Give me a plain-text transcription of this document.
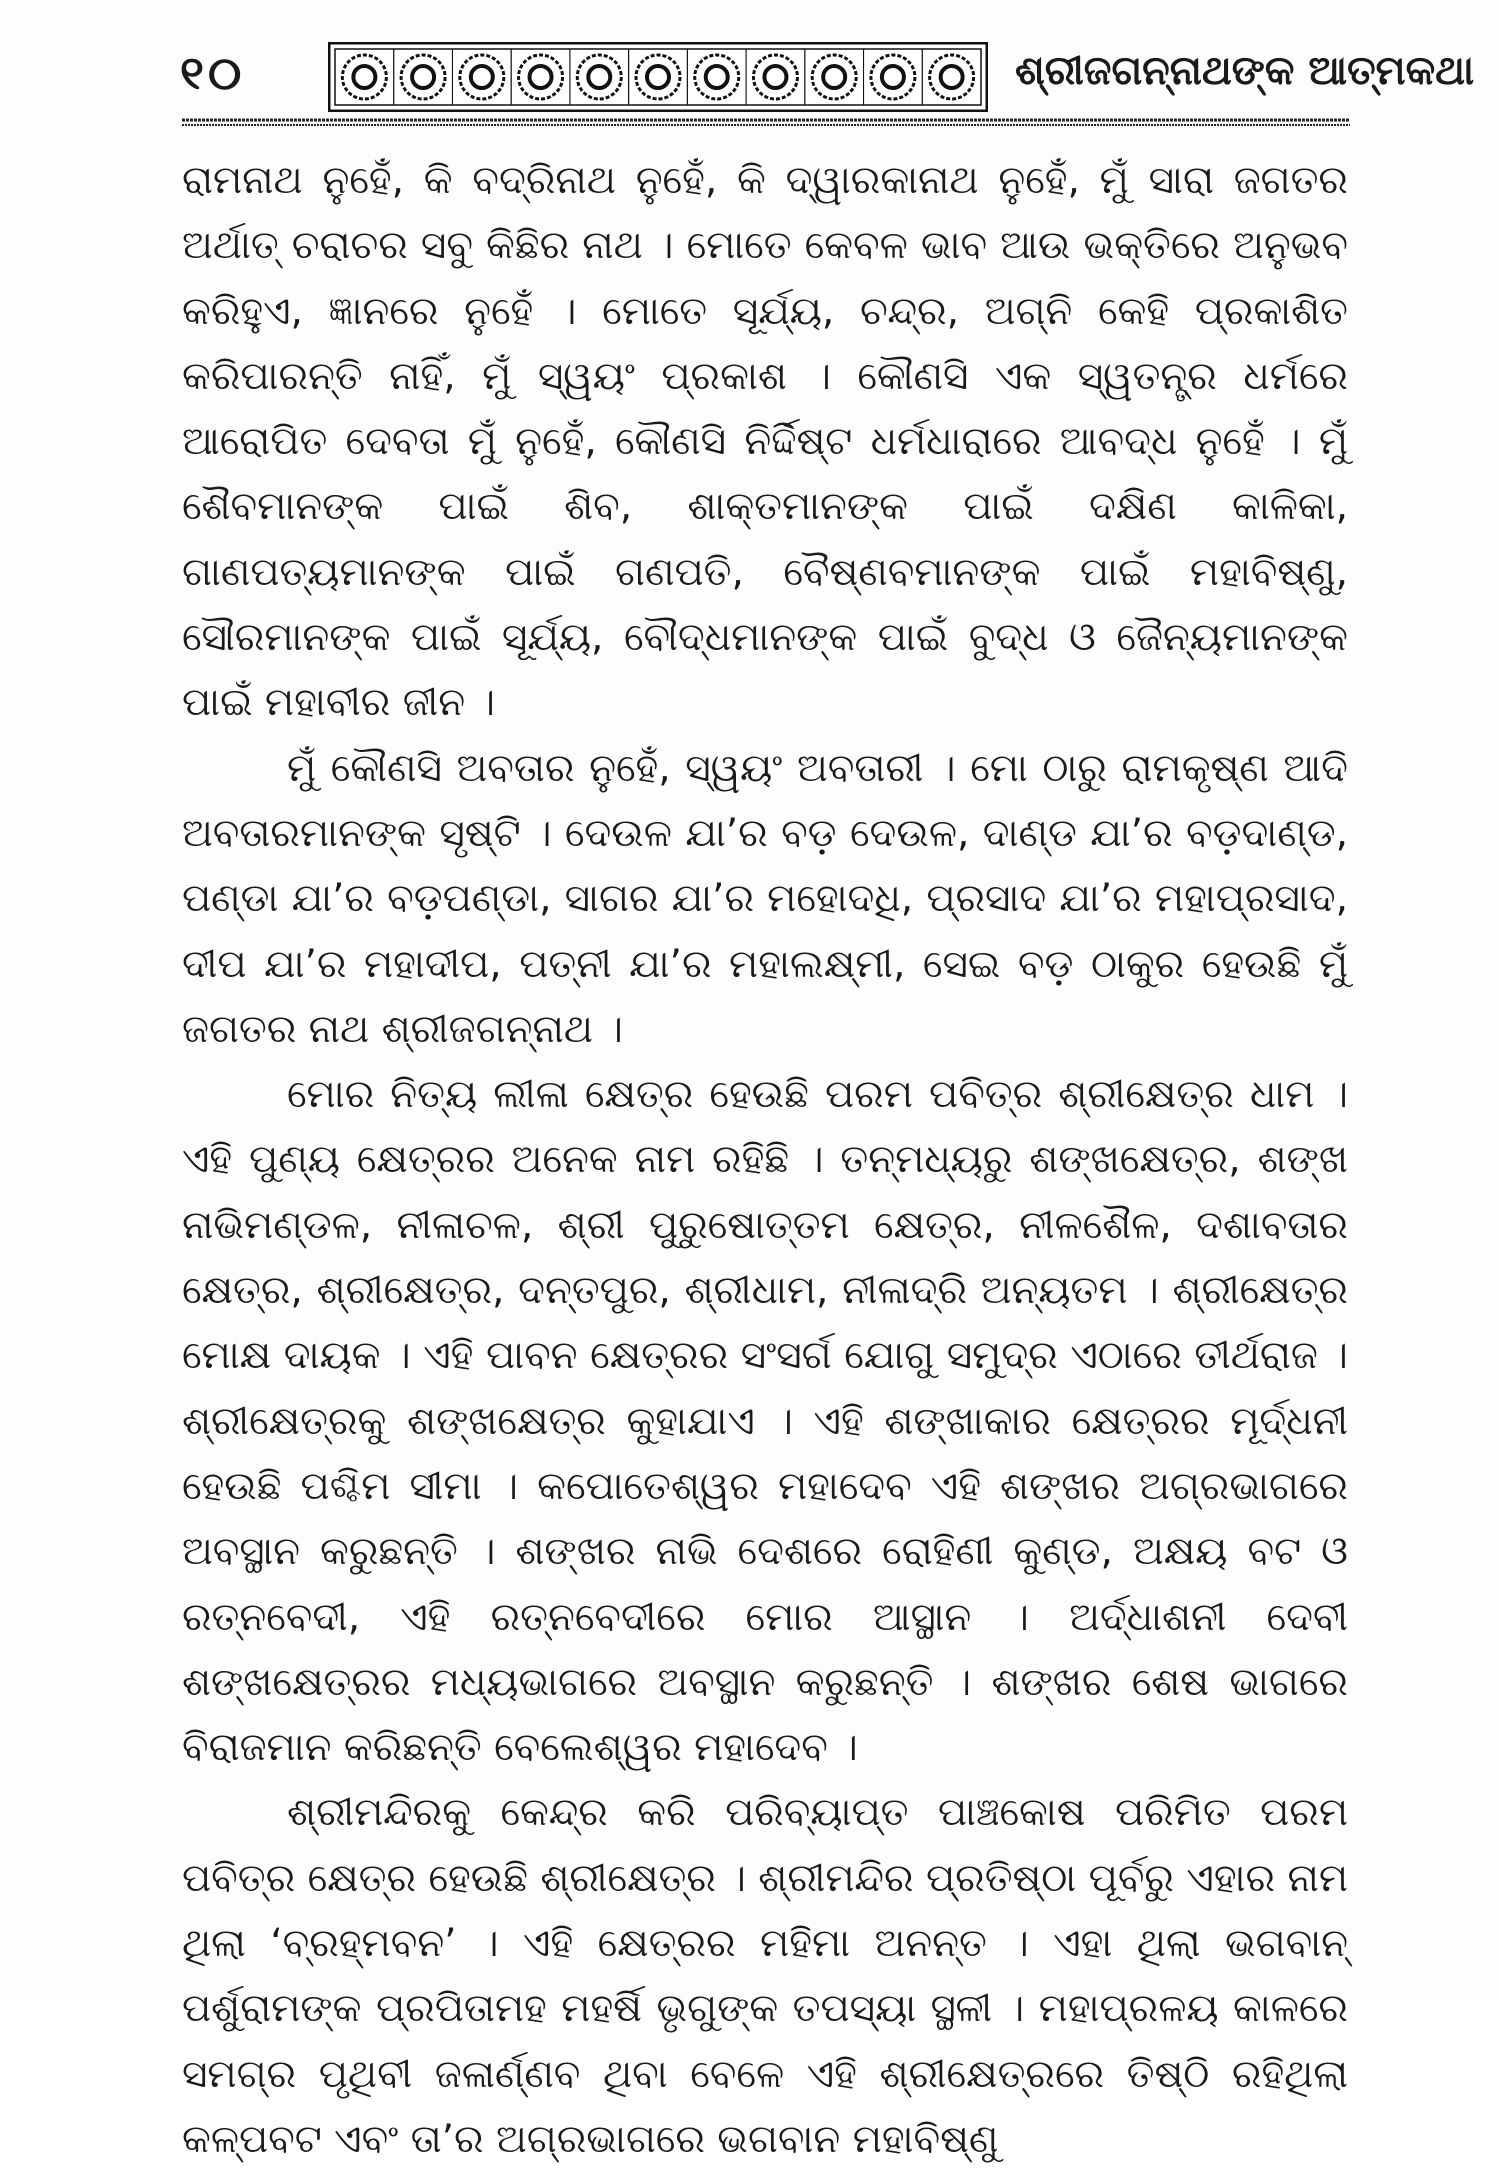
୧୦	ଶ୍ରୀଜଗନ୍ନାଥଙ୍କ ଆତ୍ମକଥା

ରାମନାଥ ନୁହେଁ, କି ବଦ୍ରିନାଥ ନୁହେଁ, କି ଦ୍ୱାରକାନାଥ ନୁହେଁ, ମୁଁ ସାରା ଜଗତର ଅର୍ଥାତ୍ ଚରାଚର ସବୁ କିଛିର ନାଥ । ମୋତେ କେବଳ ଭାବ ଆଉ ଭକ୍ତିରେ ଅନୁଭବ କରିହୁଏ, ଜ୍ଞାନରେ ନୁହେଁ । ମୋତେ ସୂର୍ଯ୍ୟ, ଚନ୍ଦ୍ର, ଅଗ୍ନି କେହି ପ୍ରକାଶିତ କରିପାରନ୍ତି ନାହିଁ, ମୁଁ ସ୍ୱୟଂ ପ୍ରକାଶ । କୌଣସି ଏକ ସ୍ୱତନ୍ତ୍ର ଧର୍ମରେ ଆରୋପିତ ଦେବତା ମୁଁ ନୁହେଁ, କୌଣସି ନିର୍ଦ୍ଦିଷ୍ଟ ଧର୍ମଧାରାରେ ଆବଦ୍ଧ ନୁହେଁ । ମୁଁ ଶୈବମାନଙ୍କ ପାଇଁ ଶିବ, ଶାକ୍ତମାନଙ୍କ ପାଇଁ ଦକ୍ଷିଣ କାଳିକା, ଗାଣପତ୍ୟମାନଙ୍କ ପାଇଁ ଗଣପତି, ବୈଷ୍ଣବମାନଙ୍କ ପାଇଁ ମହାବିଷ୍ଣୁ, ସୌରମାନଙ୍କ ପାଇଁ ସୂର୍ଯ୍ୟ, ବୌଦ୍ଧମାନଙ୍କ ପାଇଁ ବୁଦ୍ଧ ଓ ଜୈନ୍ୟମାନଙ୍କ ପାଇଁ ମହାବୀର ଜୀନ ।

ମୁଁ କୌଣସି ଅବତାର ନୁହେଁ, ସ୍ୱୟଂ ଅବତାରୀ । ମୋ ଠାରୁ ରାମକୃଷ୍ଣ ଆଦି ଅବତାରମାନଙ୍କ ସୃଷ୍ଟି । ଦେଉଳ ଯା’ର ବଡ଼ ଦେଉଳ, ଦାଣ୍ଡ ଯା’ର ବଡ଼ଦାଣ୍ଡ, ପଣ୍ଡା ଯା’ର ବଡ଼ପଣ୍ଡା, ସାଗର ଯା’ର ମହୋଦଧି, ପ୍ରସାଦ ଯା’ର ମହାପ୍ରସାଦ, ଦୀପ ଯା’ର ମହାଦୀପ, ପତ୍ନୀ ଯା’ର ମହାଲକ୍ଷ୍ମୀ, ସେଇ ବଡ଼ ଠାକୁର ହେଉଛି ମୁଁ ଜଗତର ନାଥ ଶ୍ରୀଜଗନ୍ନାଥ ।

ମୋର ନିତ୍ୟ ଲୀଳା କ୍ଷେତ୍ର ହେଉଛି ପରମ ପବିତ୍ର ଶ୍ରୀକ୍ଷେତ୍ର ଧାମ । ଏହି ପୁଣ୍ୟ କ୍ଷେତ୍ରର ଅନେକ ନାମ ରହିଛି । ତନ୍ମଧ୍ୟରୁ ଶଙ୍ଖକ୍ଷେତ୍ର, ଶଙ୍ଖ ନାଭିମଣ୍ଡଳ, ନୀଳାଚଳ, ଶ୍ରୀ ପୁରୁଷୋତ୍ତମ କ୍ଷେତ୍ର, ନୀଳଶୈଳ, ଦଶାବତାର କ୍ଷେତ୍ର, ଶ୍ରୀକ୍ଷେତ୍ର, ଦନ୍ତପୁର, ଶ୍ରୀଧାମ, ନୀଳାଦ୍ରି ଅନ୍ୟତମ । ଶ୍ରୀକ୍ଷେତ୍ର ମୋକ୍ଷ ଦାୟକ । ଏହି ପାବନ କ୍ଷେତ୍ରର ସଂସର୍ଗ ଯୋଗୁ ସମୁଦ୍ର ଏଠାରେ ତୀର୍ଥରାଜ । ଶ୍ରୀକ୍ଷେତ୍ରକୁ ଶଙ୍ଖକ୍ଷେତ୍ର କୁହାଯାଏ । ଏହି ଶଙ୍ଖାକାର କ୍ଷେତ୍ରର ମୂର୍ଦ୍ଧନୀ ହେଉଛି ପଶ୍ଚିମ ସୀମା । କପୋତେଶ୍ୱର ମହାଦେବ ଏହି ଶଙ୍ଖର ଅଗ୍ରଭାଗରେ ଅବସ୍ଥାନ କରୁଛନ୍ତି । ଶଙ୍ଖର ନାଭି ଦେଶରେ ରୋହିଣୀ କୁଣ୍ଡ, ଅକ୍ଷୟ ବଟ ଓ ରତ୍ନବେଦୀ, ଏହି ରତ୍ନବେଦୀରେ ମୋର ଆସ୍ଥାନ । ଅର୍ଦ୍ଧାଶନୀ ଦେବୀ ଶଙ୍ଖକ୍ଷେତ୍ରର ମଧ୍ୟଭାଗରେ ଅବସ୍ଥାନ କରୁଛନ୍ତି । ଶଙ୍ଖର ଶେଷ ଭାଗରେ ବିରାଜମାନ କରିଛନ୍ତି ବେଲେଶ୍ୱର ମହାଦେବ ।

ଶ୍ରୀମନ୍ଦିରକୁ କେନ୍ଦ୍ର କରି ପରିବ୍ୟାପ୍ତ ପାଞ୍ଚକୋଷ ପରିମିତ ପରମ ପବିତ୍ର କ୍ଷେତ୍ର ହେଉଛି ଶ୍ରୀକ୍ଷେତ୍ର । ଶ୍ରୀମନ୍ଦିର ପ୍ରତିଷ୍ଠା ପୂର୍ବରୁ ଏହାର ନାମ ଥିଲା ‘ବ୍ରହ୍ମବନ’ । ଏହି କ୍ଷେତ୍ରର ମହିମା ଅନନ୍ତ । ଏହା ଥିଲା ଭଗବାନ୍ ପର୍ଶୁରାମଙ୍କ ପ୍ରପିତାମହ ମହର୍ଷି ଭୃଗୁଙ୍କ ତପସ୍ୟା ସ୍ଥଳୀ । ମହାପ୍ରଳୟ କାଳରେ ସମଗ୍ର ପୃଥିବୀ ଜଳାର୍ଣ୍ଣବ ଥିବା ବେଳେ ଏହି ଶ୍ରୀକ୍ଷେତ୍ରରେ ତିଷ୍ଠି ରହିଥିଲା କଳ୍ପବଟ ଏବଂ ତା’ର ଅଗ୍ରଭାଗରେ ଭଗବାନ ମହାବିଷ୍ଣୁ
